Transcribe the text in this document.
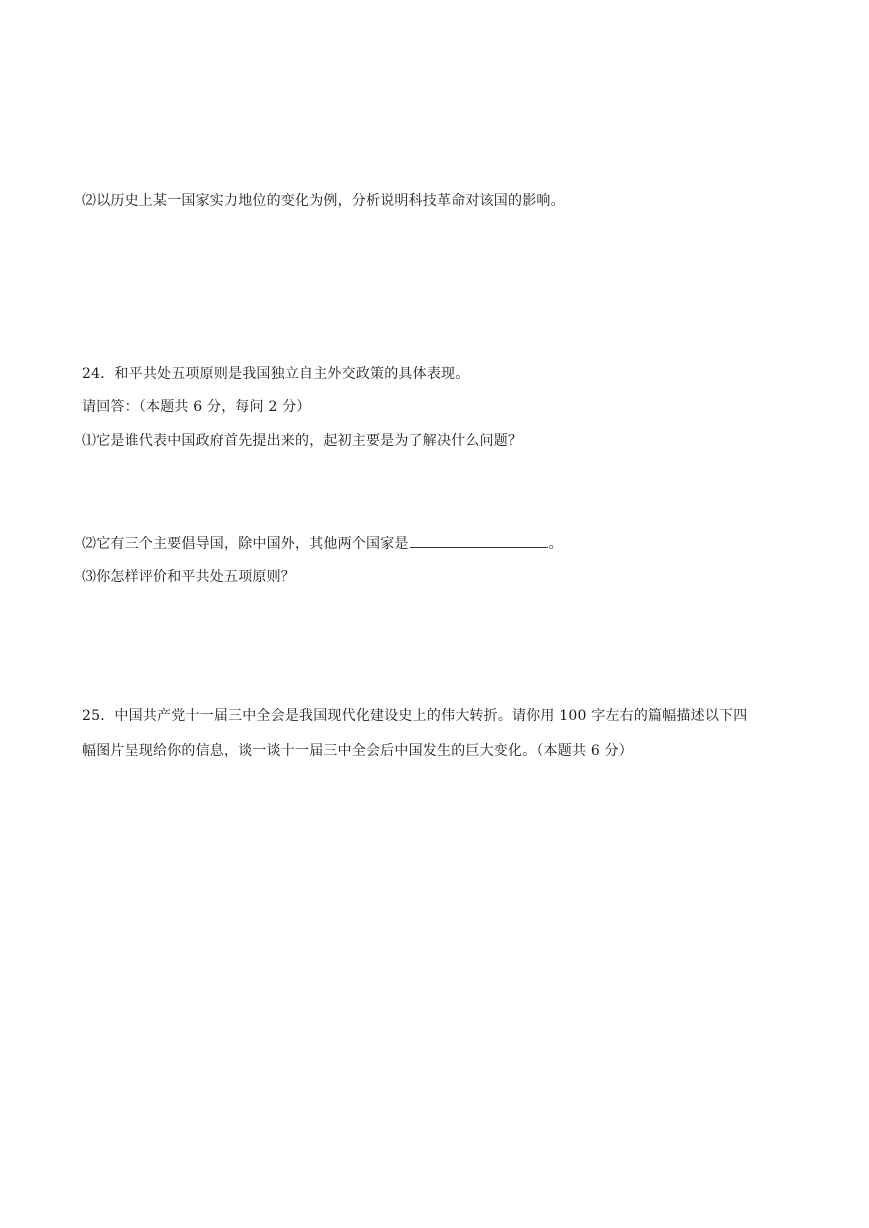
⑵以历史上某一国家实力地位的变化为例，分析说明科技革命对该国的影响。
24．和平共处五项原则是我国独立自主外交政策的具体表现。
请回答：（本题共 6 分，每问 2 分）
⑴它是谁代表中国政府首先提出来的，起初主要是为了解决什么问题？
⑵它有三个主要倡导国，除中国外，其他两个国家是	。
⑶你怎样评价和平共处五项原则？
25．中国共产党十一届三中全会是我国现代化建设史上的伟大转折。请你用 100 字左右的篇幅描述以下四
幅图片呈现给你的信息，谈一谈十一届三中全会后中国发生的巨大变化。（本题共 6 分）
